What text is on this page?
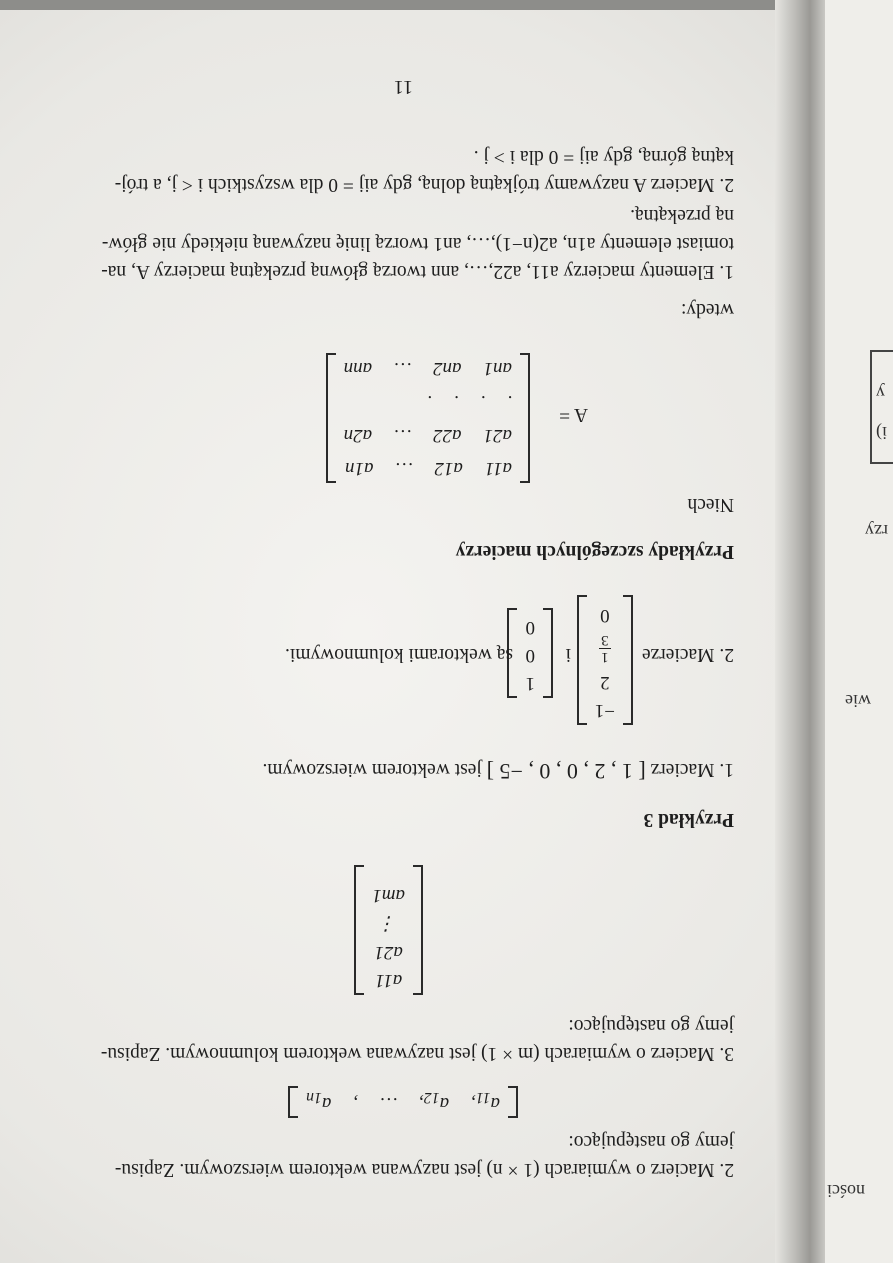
ności
wie
rzy
y
i)
11
2. Macierz o wymiarach (1 × n) jest nazywana wektorem wierszowym. Zapisu-
jemy go następująco:
$a_{11}$,
$a_{12}$,
…
,
$a_{1n}$
3. Macierz o wymiarach (m × 1) jest nazywana wektorem kolumnowym. Zapisu-
jemy go następująco:
a11
a21
⋮
am1
Przykład 3
1. Macierz [ 1 , 2 , 0 , 0 , −5 ] jest wektorem wierszowym.
2. Macierze
−1
2
1
3
0
i
1
0
0
są wektorami kolumnowymi.
Przykłady szczególnych macierzy
Niech
A =
a11
a12
…
a1n
a21
a22
…
a2n
.
.
.
.
an1
an2
…
ann
wtedy:
1. Elementy macierzy a11, a22,…, ann tworzą główną przekątną macierzy A, na-
tomiast elementy a1n, a2(n−1),…, an1 tworzą linię nazywaną niekiedy nie głów-
ną przekątną.
2. Macierz A nazywamy trójkątną dolną, gdy aij = 0 dla wszystkich i < j, a trój-
kątną górną, gdy aij = 0 dla i > j .
